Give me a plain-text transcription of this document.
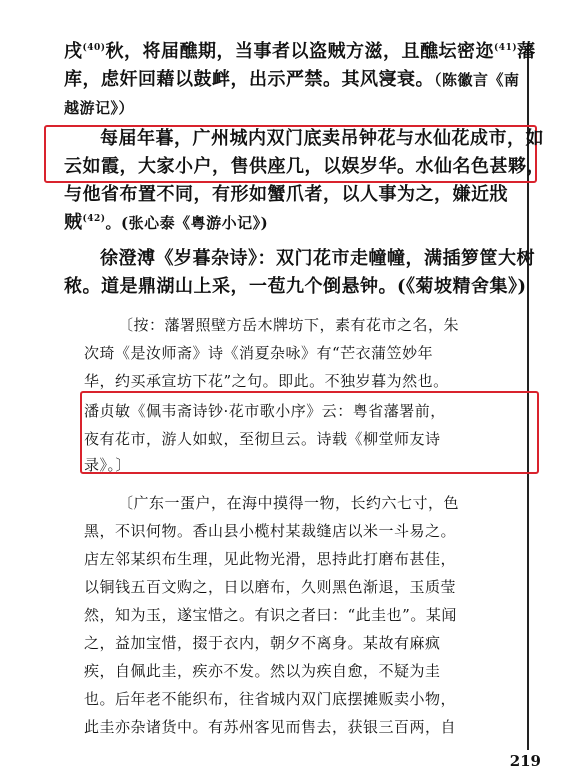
戌$^{(40)}$秋，将届醮期，当事者以盗贼方滋，且醮坛密迩$^{(41)}$藩
库，虑奸回藉以鼓衅，出示严禁。其风寖衰。（陈徽言《南
越游记》）
每届年暮，广州城内双门底卖吊钟花与水仙花成市，如
云如霞，大家小户，售供座几，以娱岁华。水仙名色甚夥，
与他省布置不同，有形如蟹爪者，以人事为之，嫌近戕
贼$^{(42)}$。(张心泰《粤游小记》)
徐澄溥《岁暮杂诗》：双门花市走幢幢，满插箩筐大树
秾。道是鼎湖山上采，一苞九个倒悬钟。(《菊坡精舍集》)
〔按：藩署照壁方岳木牌坊下，素有花市之名，朱
次琦《是汝师斋》诗《消夏杂咏》有“芒衣蒲笠妙年
华，约买承宣坊下花”之句。即此。不独岁暮为然也。
潘贞敏《佩韦斋诗钞·花市歌小序》云：粤省藩署前，
夜有花市，游人如蚁，至彻旦云。诗载《柳堂师友诗
录》。〕
〔广东一蛋户，在海中摸得一物，长约六七寸，色
黑，不识何物。香山县小榄村某裁缝店以米一斗易之。
店左邻某织布生理，见此物光滑，思持此打磨布甚佳，
以铜钱五百文购之，日以磨布，久则黑色渐退，玉质莹
然，知为玉，遂宝惜之。有识之者曰：“此圭也”。某闻
之，益加宝惜，掇于衣内，朝夕不离身。某故有麻疯
疾，自佩此圭，疾亦不发。然以为疾自愈，不疑为圭
也。后年老不能织布，往省城内双门底摆摊贩卖小物，
此圭亦杂诸货中。有苏州客见而售去，获银三百两，自
219
